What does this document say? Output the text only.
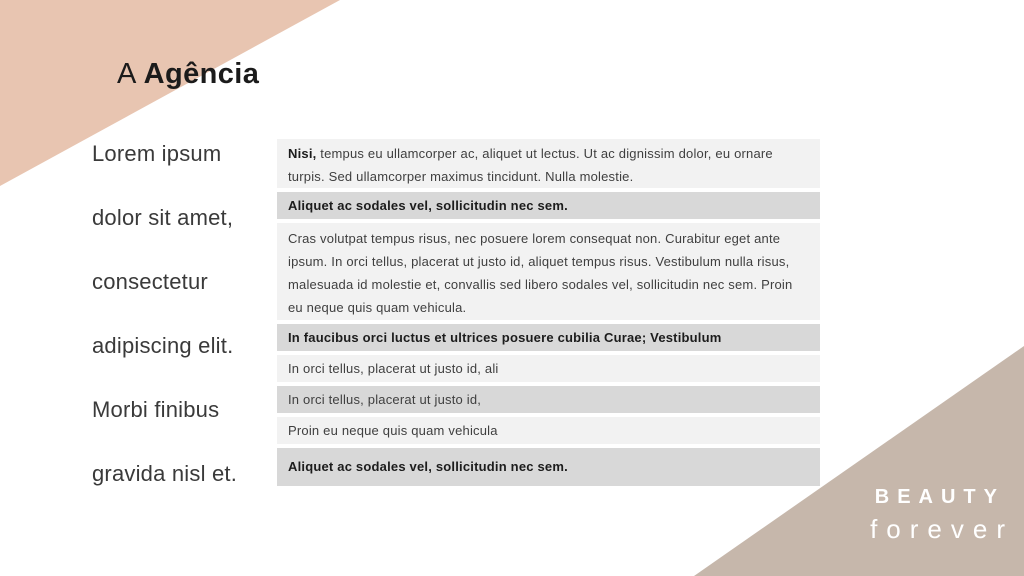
A Agência
Lorem ipsum
dolor sit amet,
consectetur
adipiscing elit.
Morbi finibus
gravida nisl et.
Nisi, tempus eu ullamcorper ac, aliquet ut lectus. Ut ac dignissim dolor, eu ornare turpis. Sed ullamcorper maximus tincidunt. Nulla molestie.
Aliquet ac sodales vel, sollicitudin nec sem.
Cras volutpat tempus risus, nec posuere lorem consequat non. Curabitur eget ante ipsum. In orci tellus, placerat ut justo id, aliquet tempus risus. Vestibulum nulla risus, malesuada id molestie et, convallis sed libero sodales vel, sollicitudin nec sem. Proin eu neque quis quam vehicula.
In faucibus orci luctus et ultrices posuere cubilia Curae; Vestibulum
In orci tellus, placerat ut justo id, ali
In orci tellus, placerat ut justo id,
Proin eu neque quis quam vehicula
Aliquet ac sodales vel, sollicitudin nec sem.
BEAUTY
forever
